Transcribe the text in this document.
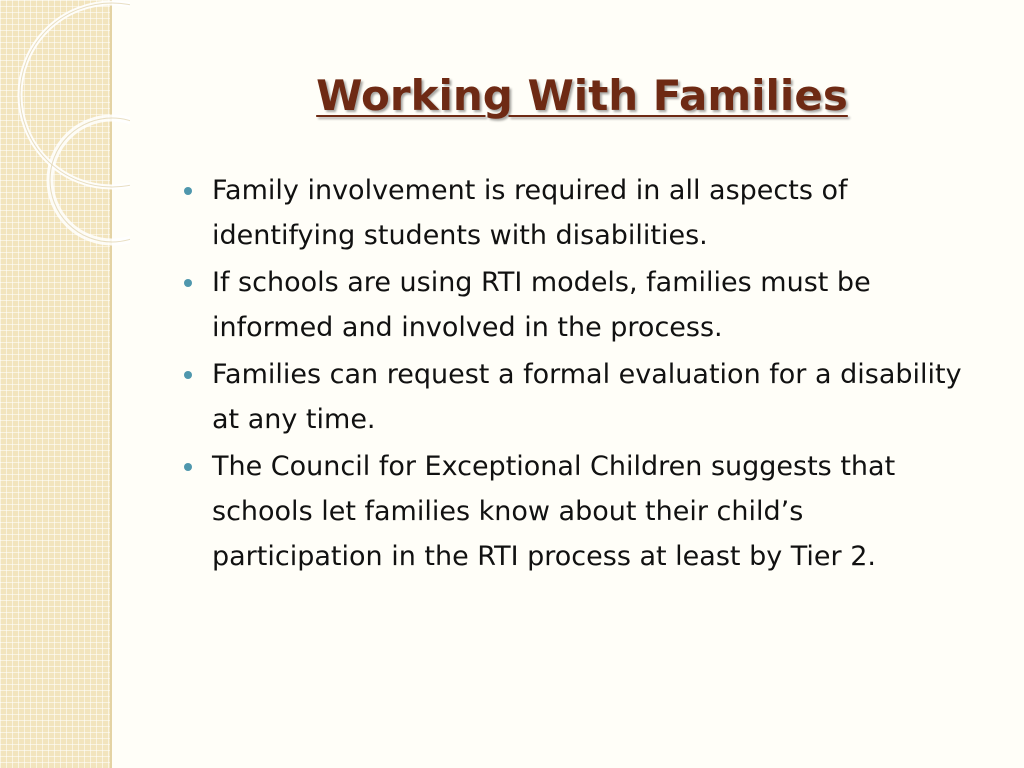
Working With Families
Family involvement is required in all aspects of identifying students with disabilities.
If schools are using RTI models, families must be informed and involved in the process.
Families can request a formal evaluation for a disability at any time.
The Council for Exceptional Children suggests that schools let families know about their child’s participation in the RTI process at least by Tier 2.
